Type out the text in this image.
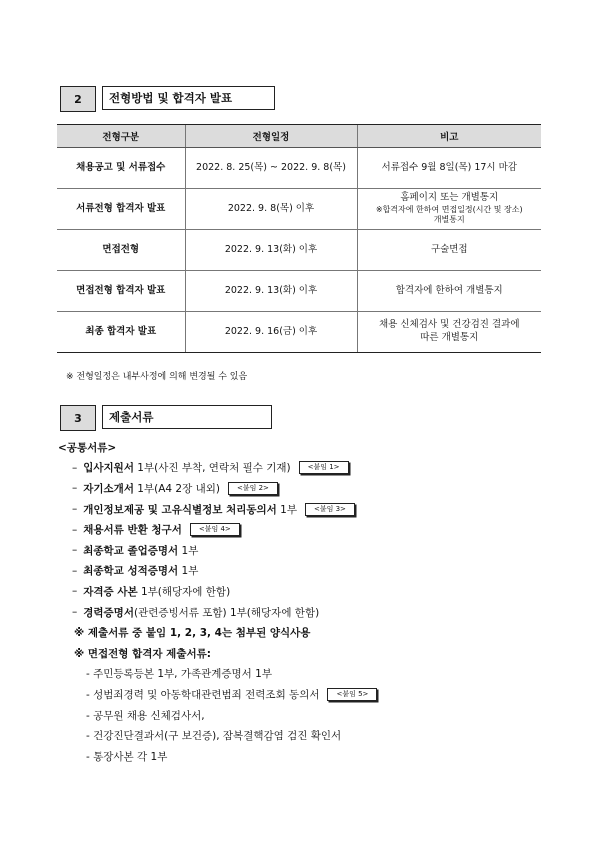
2	전형방법 및 합격자 발표
전형구분	전형일정	비고
채용공고 및 서류접수	2022. 8. 25(목) ~ 2022. 9. 8(목)	서류접수 9월 8일(목) 17시 마감

서류전형 합격자 발표	2022. 9. 8(목) 이후	홈페이지 또는 개별통지
※합격자에 한하여 면접일정(시간 및 장소)
개별통지

면접전형	2022. 9. 13(화) 이후	구술면접

면접전형 합격자 발표	2022. 9. 13(화) 이후	합격자에 한하여 개별통지

최종 합격자 발표	2022. 9. 16(금) 이후	채용 신체검사 및 건강검진 결과에
따른 개별통지
※ 전형일정은 내부사정에 의해 변경될 수 있음
3	제출서류
<공통서류>
– 입사지원서 1부(사진 부착, 연락처 필수 기재)	<붙임 1>
– 자기소개서 1부(A4 2장 내외)	<붙임 2>
– 개인정보제공 및 고유식별정보 처리동의서 1부	<붙임 3>
– 채용서류 반환 청구서	<붙임 4>
– 최종학교 졸업증명서 1부
– 최종학교 성적증명서 1부
– 자격증 사본 1부(해당자에 한함)
– 경력증명서 (관련증빙서류 포함) 1부(해당자에 한함)
※ 제출서류 중 붙임 1, 2, 3, 4는 첨부된 양식사용
※ 면접전형 합격자 제출서류:
- 주민등록등본 1부, 가족관계증명서 1부
- 성범죄경력 및 아동학대관련범죄 전력조회 동의서	<붙임 5>
- 공무원 채용 신체검사서,
- 건강진단결과서(구 보건증), 잠복결핵감염 검진 확인서
- 통장사본 각 1부
